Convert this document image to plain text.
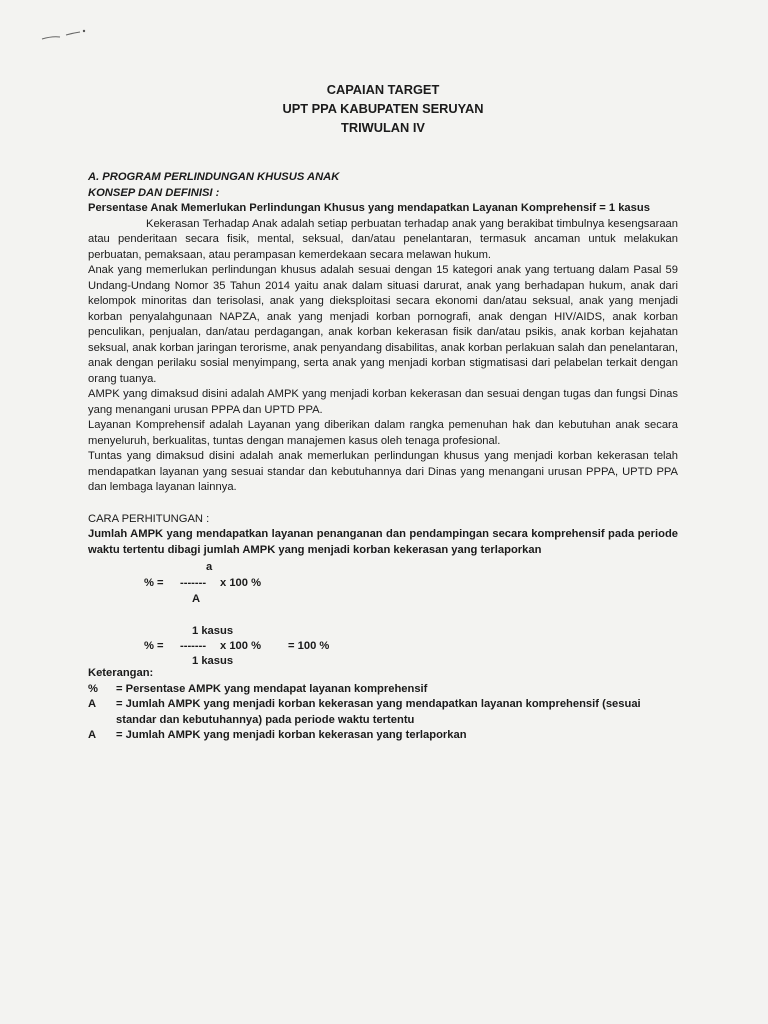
CAPAIAN TARGET

UPT PPA KABUPATEN SERUYAN

TRIWULAN IV

A. PROGRAM PERLINDUNGAN KHUSUS ANAK

KONSEP DAN DEFINISI :

Persentase Anak Memerlukan Perlindungan Khusus yang mendapatkan Layanan Komprehensif = 1 kasus

Kekerasan Terhadap Anak adalah setiap perbuatan terhadap anak yang berakibat timbulnya kesengsaraan atau penderitaan secara fisik, mental, seksual, dan/atau penelantaran, termasuk ancaman untuk melakukan perbuatan, pemaksaan, atau perampasan kemerdekaan secara melawan hukum.

Anak yang memerlukan perlindungan khusus adalah sesuai dengan 15 kategori anak yang tertuang dalam Pasal 59 Undang-Undang Nomor 35 Tahun 2014 yaitu anak dalam situasi darurat, anak yang berhadapan hukum, anak dari kelompok minoritas dan terisolasi, anak yang dieksploitasi secara ekonomi dan/atau seksual, anak yang menjadi korban penyalahgunaan NAPZA, anak yang menjadi korban pornografi, anak dengan HIV/AIDS, anak korban penculikan, penjualan, dan/atau perdagangan, anak korban kekerasan fisik dan/atau psikis, anak korban kejahatan seksual, anak korban jaringan terorisme, anak penyandang disabilitas, anak korban perlakuan salah dan penelantaran, anak dengan perilaku sosial menyimpang, serta anak yang menjadi korban stigmatisasi dari pelabelan terkait dengan orang tuanya.

AMPK yang dimaksud disini adalah AMPK yang menjadi korban kekerasan dan sesuai dengan tugas dan fungsi Dinas yang menangani urusan PPPA dan UPTD PPA.

Layanan Komprehensif adalah Layanan yang diberikan dalam rangka pemenuhan hak dan kebutuhan anak secara menyeluruh, berkualitas, tuntas dengan manajemen kasus oleh tenaga profesional.

Tuntas yang dimaksud disini adalah anak memerlukan perlindungan khusus yang menjadi korban kekerasan telah mendapatkan layanan yang sesuai standar dan kebutuhannya dari Dinas yang menangani urusan PPPA, UPTD PPA dan lembaga layanan lainnya.

CARA PERHITUNGAN :

Jumlah AMPK yang mendapatkan layanan penanganan dan pendampingan secara komprehensif pada periode waktu tertentu dibagi jumlah AMPK yang menjadi korban kekerasan yang terlaporkan

a
% = ------- x 100 %
A
1 kasus
% = ------- x 100 % = 100 %
1 kasus

Keterangan:

% = Persentase AMPK yang mendapat layanan komprehensif

A = Jumlah AMPK yang menjadi korban kekerasan yang mendapatkan layanan komprehensif (sesuai standar dan kebutuhannya) pada periode waktu tertentu

A = Jumlah AMPK yang menjadi korban kekerasan yang terlaporkan
